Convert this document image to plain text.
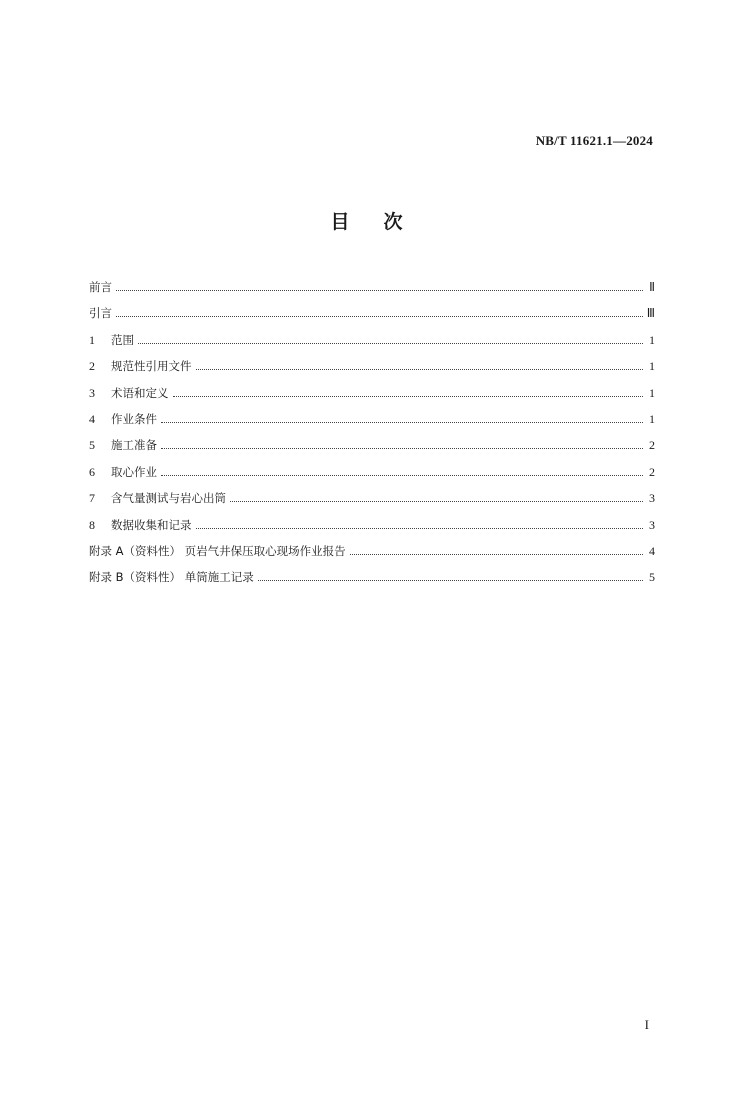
NB/T 11621.1—2024
目次
前言	Ⅱ
引言	Ⅲ
1	范围	1
2	规范性引用文件	1
3	术语和定义	1
4	作业条件	1
5	施工准备	2
6	取心作业	2
7	含气量测试与岩心出筒	3
8	数据收集和记录	3
附录 A（资料性） 页岩气井保压取心现场作业报告	4
附录 B（资料性） 单筒施工记录	5
I
